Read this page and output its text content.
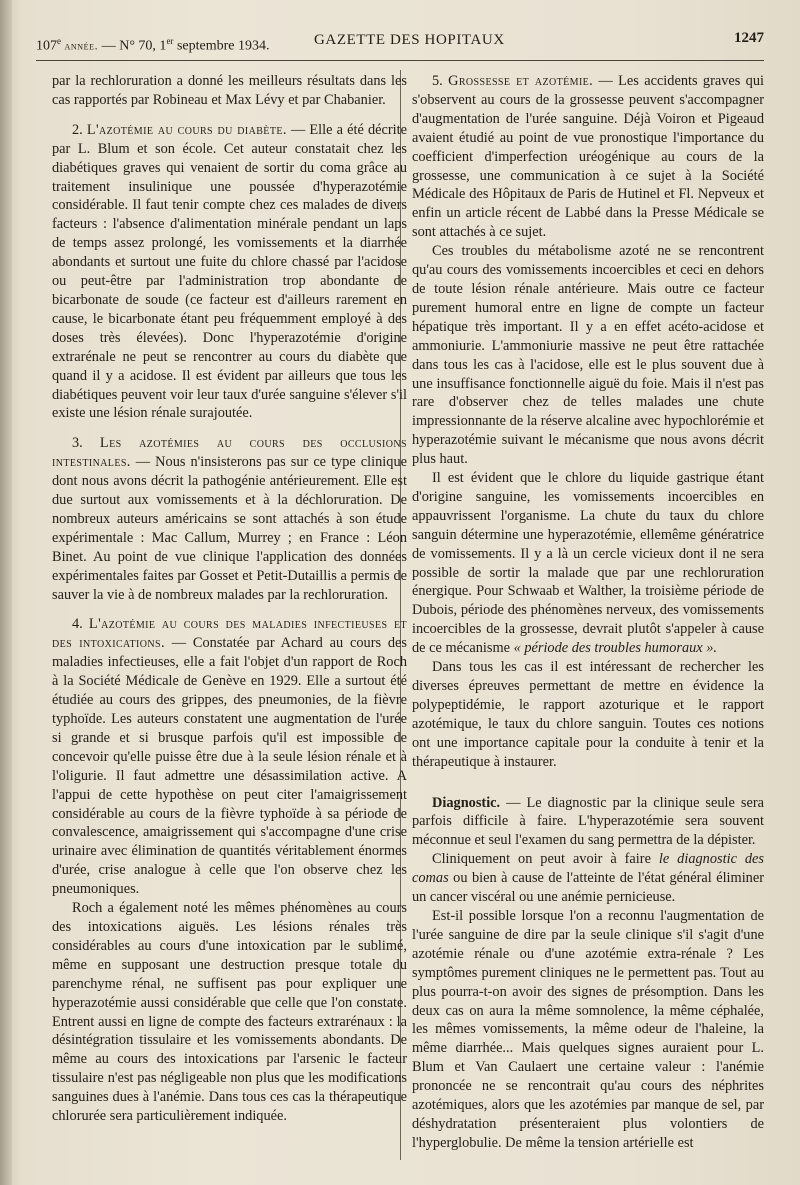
107e année. — N° 70, 1er septembre 1934.	GAZETTE DES HOPITAUX	1247

par la rechloruration a donné les meilleurs résultats dans les cas rapportés par Robineau et Max Lévy et par Chabanier.

2. L'azotémie au cours du diabète. — Elle a été décrite par L. Blum et son école. Cet auteur constatait chez les diabétiques graves qui venaient de sortir du coma grâce au traitement insulinique une poussée d'hyperazotémie considérable. Il faut tenir compte chez ces malades de divers facteurs : l'absence d'alimentation minérale pendant un laps de temps assez prolongé, les vomissements et la diarrhée abondants et surtout une fuite du chlore chassé par l'acidose ou peut-être par l'administration trop abondante de bicarbonate de soude (ce facteur est d'ailleurs rarement en cause, le bicarbonate étant peu fréquemment employé à des doses très élevées). Donc l'hyperazotémie d'origine extrarénale ne peut se rencontrer au cours du diabète que quand il y a acidose. Il est évident par ailleurs que tous les diabétiques peuvent voir leur taux d'urée sanguine s'élever s'il existe une lésion rénale surajoutée.

3. Les azotémies au cours des occlusions intestinales. — Nous n'insisterons pas sur ce type clinique dont nous avons décrit la pathogénie antérieurement. Elle est due surtout aux vomissements et à la déchloruration. De nombreux auteurs américains se sont attachés à son étude expérimentale : Mac Callum, Murrey ; en France : Léon Binet. Au point de vue clinique l'application des données expérimentales faites par Gosset et Petit-Dutaillis a permis de sauver la vie à de nombreux malades par la rechloruration.

4. L'azotémie au cours des maladies infectieuses et des intoxications. — Constatée par Achard au cours des maladies infectieuses, elle a fait l'objet d'un rapport de Roch à la Société Médicale de Genève en 1929. Elle a surtout été étudiée au cours des grippes, des pneumonies, de la fièvre typhoïde. Les auteurs constatent une augmentation de l'urée si grande et si brusque parfois qu'il est impossible de concevoir qu'elle puisse être due à la seule lésion rénale et à l'oligurie. Il faut admettre une désassimilation active. A l'appui de cette hypothèse on peut citer l'amaigrissement considérable au cours de la fièvre typhoïde à sa période de convalescence, amaigrissement qui s'accompagne d'une crise urinaire avec élimination de quantités véritablement énormes d'urée, crise analogue à celle que l'on observe chez les pneumoniques.

Roch a également noté les mêmes phénomènes au cours des intoxications aiguës. Les lésions rénales très considérables au cours d'une intoxication par le sublimé, même en supposant une destruction presque totale du parenchyme rénal, ne suffisent pas pour expliquer une hyperazotémie aussi considérable que celle que l'on constate. Entrent aussi en ligne de compte des facteurs extrarénaux : la désintégration tissulaire et les vomissements abondants. De même au cours des intoxications par l'arsenic le facteur tissulaire n'est pas négligeable non plus que les modifications sanguines dues à l'anémie. Dans tous ces cas la thérapeutique chlorurée sera particulièrement indiquée.

5. Grossesse et azotémie. — Les accidents graves qui s'observent au cours de la grossesse peuvent s'accompagner d'augmentation de l'urée sanguine. Déjà Voiron et Pigeaud avaient étudié au point de vue pronostique l'importance du coefficient d'imperfection uréogénique au cours de la grossesse, une communication à ce sujet à la Société Médicale des Hôpitaux de Paris de Hutinel et Fl. Nepveux et enfin un article récent de Labbé dans la Presse Médicale se sont attachés à ce sujet.

Ces troubles du métabolisme azoté ne se rencontrent qu'au cours des vomissements incoercibles et ceci en dehors de toute lésion rénale antérieure. Mais outre ce facteur purement humoral entre en ligne de compte un facteur hépatique très important. Il y a en effet acéto-acidose et ammoniurie. L'ammoniurie massive ne peut être rattachée dans tous les cas à l'acidose, elle est le plus souvent due à une insuffisance fonctionnelle aiguë du foie. Mais il n'est pas rare d'observer chez de telles malades une chute impressionnante de la réserve alcaline avec hypochlorémie et hyperazotémie suivant le mécanisme que nous avons décrit plus haut.

Il est évident que le chlore du liquide gastrique étant d'origine sanguine, les vomissements incoercibles en appauvrissent l'organisme. La chute du taux du chlore sanguin détermine une hyperazotémie, ellemême génératrice de vomissements. Il y a là un cercle vicieux dont il ne sera possible de sortir la malade que par une rechloruration énergique. Pour Schwaab et Walther, la troisième période de Dubois, période des phénomènes nerveux, des vomissements incoercibles de la grossesse, devrait plutôt s'appeler à cause de ce mécanisme « période des troubles humoraux ».

Dans tous les cas il est intéressant de rechercher les diverses épreuves permettant de mettre en évidence la polypeptidémie, le rapport azoturique et le rapport azotémique, le taux du chlore sanguin. Toutes ces notions ont une importance capitale pour la conduite à tenir et la thérapeutique à instaurer.

Diagnostic. — Le diagnostic par la clinique seule sera parfois difficile à faire. L'hyperazotémie sera souvent méconnue et seul l'examen du sang permettra de la dépister.

Cliniquement on peut avoir à faire le diagnostic des comas ou bien à cause de l'atteinte de l'état général éliminer un cancer viscéral ou une anémie pernicieuse.

Est-il possible lorsque l'on a reconnu l'augmentation de l'urée sanguine de dire par la seule clinique s'il s'agit d'une azotémie rénale ou d'une azotémie extra-rénale ? Les symptômes purement cliniques ne le permettent pas. Tout au plus pourra-t-on avoir des signes de présomption. Dans les deux cas on aura la même somnolence, la même céphalée, les mêmes vomissements, la même odeur de l'haleine, la même diarrhée... Mais quelques signes auraient pour L. Blum et Van Caulaert une certaine valeur : l'anémie prononcée ne se rencontrait qu'au cours des néphrites azotémiques, alors que les azotémies par manque de sel, par déshydratation présenteraient plus volontiers de l'hyperglobulie. De même la tension artérielle est
